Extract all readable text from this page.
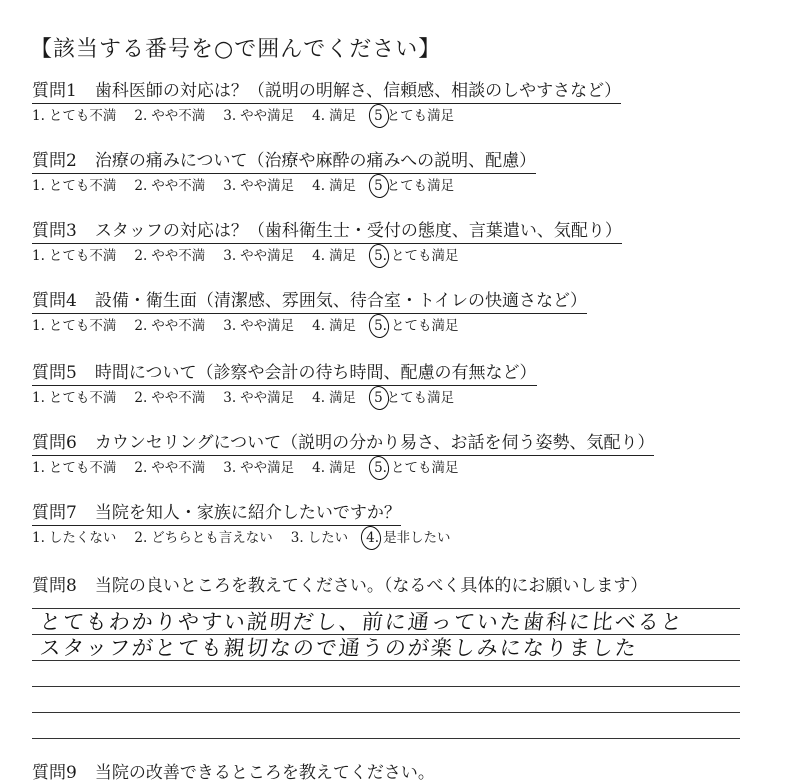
【該当する番号を○で囲んでください】
質問1 歯科医師の対応は？（説明の明解さ、信頼感、相談のしやすさなど）
1. とても不満 2. やや不満 3. やや満足 4. 満足 5 とても満足
質問2 治療の痛みについて（治療や麻酔の痛みへの説明、配慮）
1. とても不満 2. やや不満 3. やや満足 4. 満足 5 とても満足
質問3 スタッフの対応は？（歯科衛生士・受付の態度、言葉遣い、気配り）
1. とても不満 2. やや不満 3. やや満足 4. 満足 5. とても満足
質問4 設備・衛生面（清潔感、雰囲気、待合室・トイレの快適さなど）
1. とても不満 2. やや不満 3. やや満足 4. 満足 5. とても満足
質問5 時間について（診察や会計の待ち時間、配慮の有無など）
1. とても不満 2. やや不満 3. やや満足 4. 満足 5 とても満足
質問6 カウンセリングについて（説明の分かり易さ、お話を伺う姿勢、気配り）
1. とても不満 2. やや不満 3. やや満足 4. 満足 5. とても満足
質問7 当院を知人・家族に紹介したいですか？
1. したくない 2. どちらとも言えない 3. したい 4. 是非したい
質問8 当院の良いところを教えてください。（なるべく具体的にお願いします）
とてもわかりやすい説明だし、前に通っていた歯科に比べると
スタッフがとても親切なので通うのが楽しみになりました
質問9 当院の改善できるところを教えてください。
